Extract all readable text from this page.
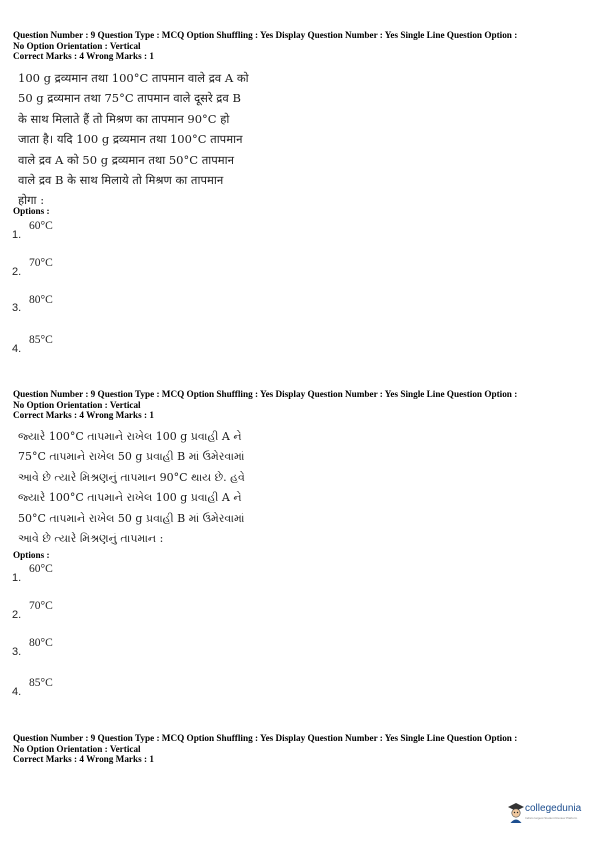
Question Number : 9 Question Type : MCQ Option Shuffling : Yes Display Question Number : Yes Single Line Question Option :
No Option Orientation : Vertical
Correct Marks : 4 Wrong Marks : 1
100 g द्रव्यमान तथा 100°C तापमान वाले द्रव A को
50 g द्रव्यमान तथा 75°C तापमान वाले दूसरे द्रव B
के साथ मिलाते हैं तो मिश्रण का तापमान 90°C हो
जाता है। यदि 100 g द्रव्यमान तथा 100°C तापमान
वाले द्रव A को 50 g द्रव्यमान तथा 50°C तापमान
वाले द्रव B के साथ मिलाये तो मिश्रण का तापमान
होगा :
Options :
1.
60°C
2.
70°C
3.
80°C
4.
85°C
Question Number : 9 Question Type : MCQ Option Shuffling : Yes Display Question Number : Yes Single Line Question Option :
No Option Orientation : Vertical
Correct Marks : 4 Wrong Marks : 1
જ્યારે 100°C તાપમાને રાખેલ 100 g પ્રવાહી A ને
75°C તાપમાને રાખેલ 50 g પ્રવાહી B માં ઉમેરવામાં
આવે છે ત્યારે મિશ્રણનું તાપમાન 90°C થાય છે. હવે
જ્યારે 100°C તાપમાને રાખેલ 100 g પ્રવાહી A ને
50°C તાપમાને રાખેલ 50 g પ્રવાહી B માં ઉમેરવામાં
આવે છે ત્યારે મિશ્રણનું તાપમાન :
Options :
1.
60°C
2.
70°C
3.
80°C
4.
85°C
Question Number : 9 Question Type : MCQ Option Shuffling : Yes Display Question Number : Yes Single Line Question Option :
No Option Orientation : Vertical
Correct Marks : 4 Wrong Marks : 1
collegedunia
India's largest Student Review Platform
